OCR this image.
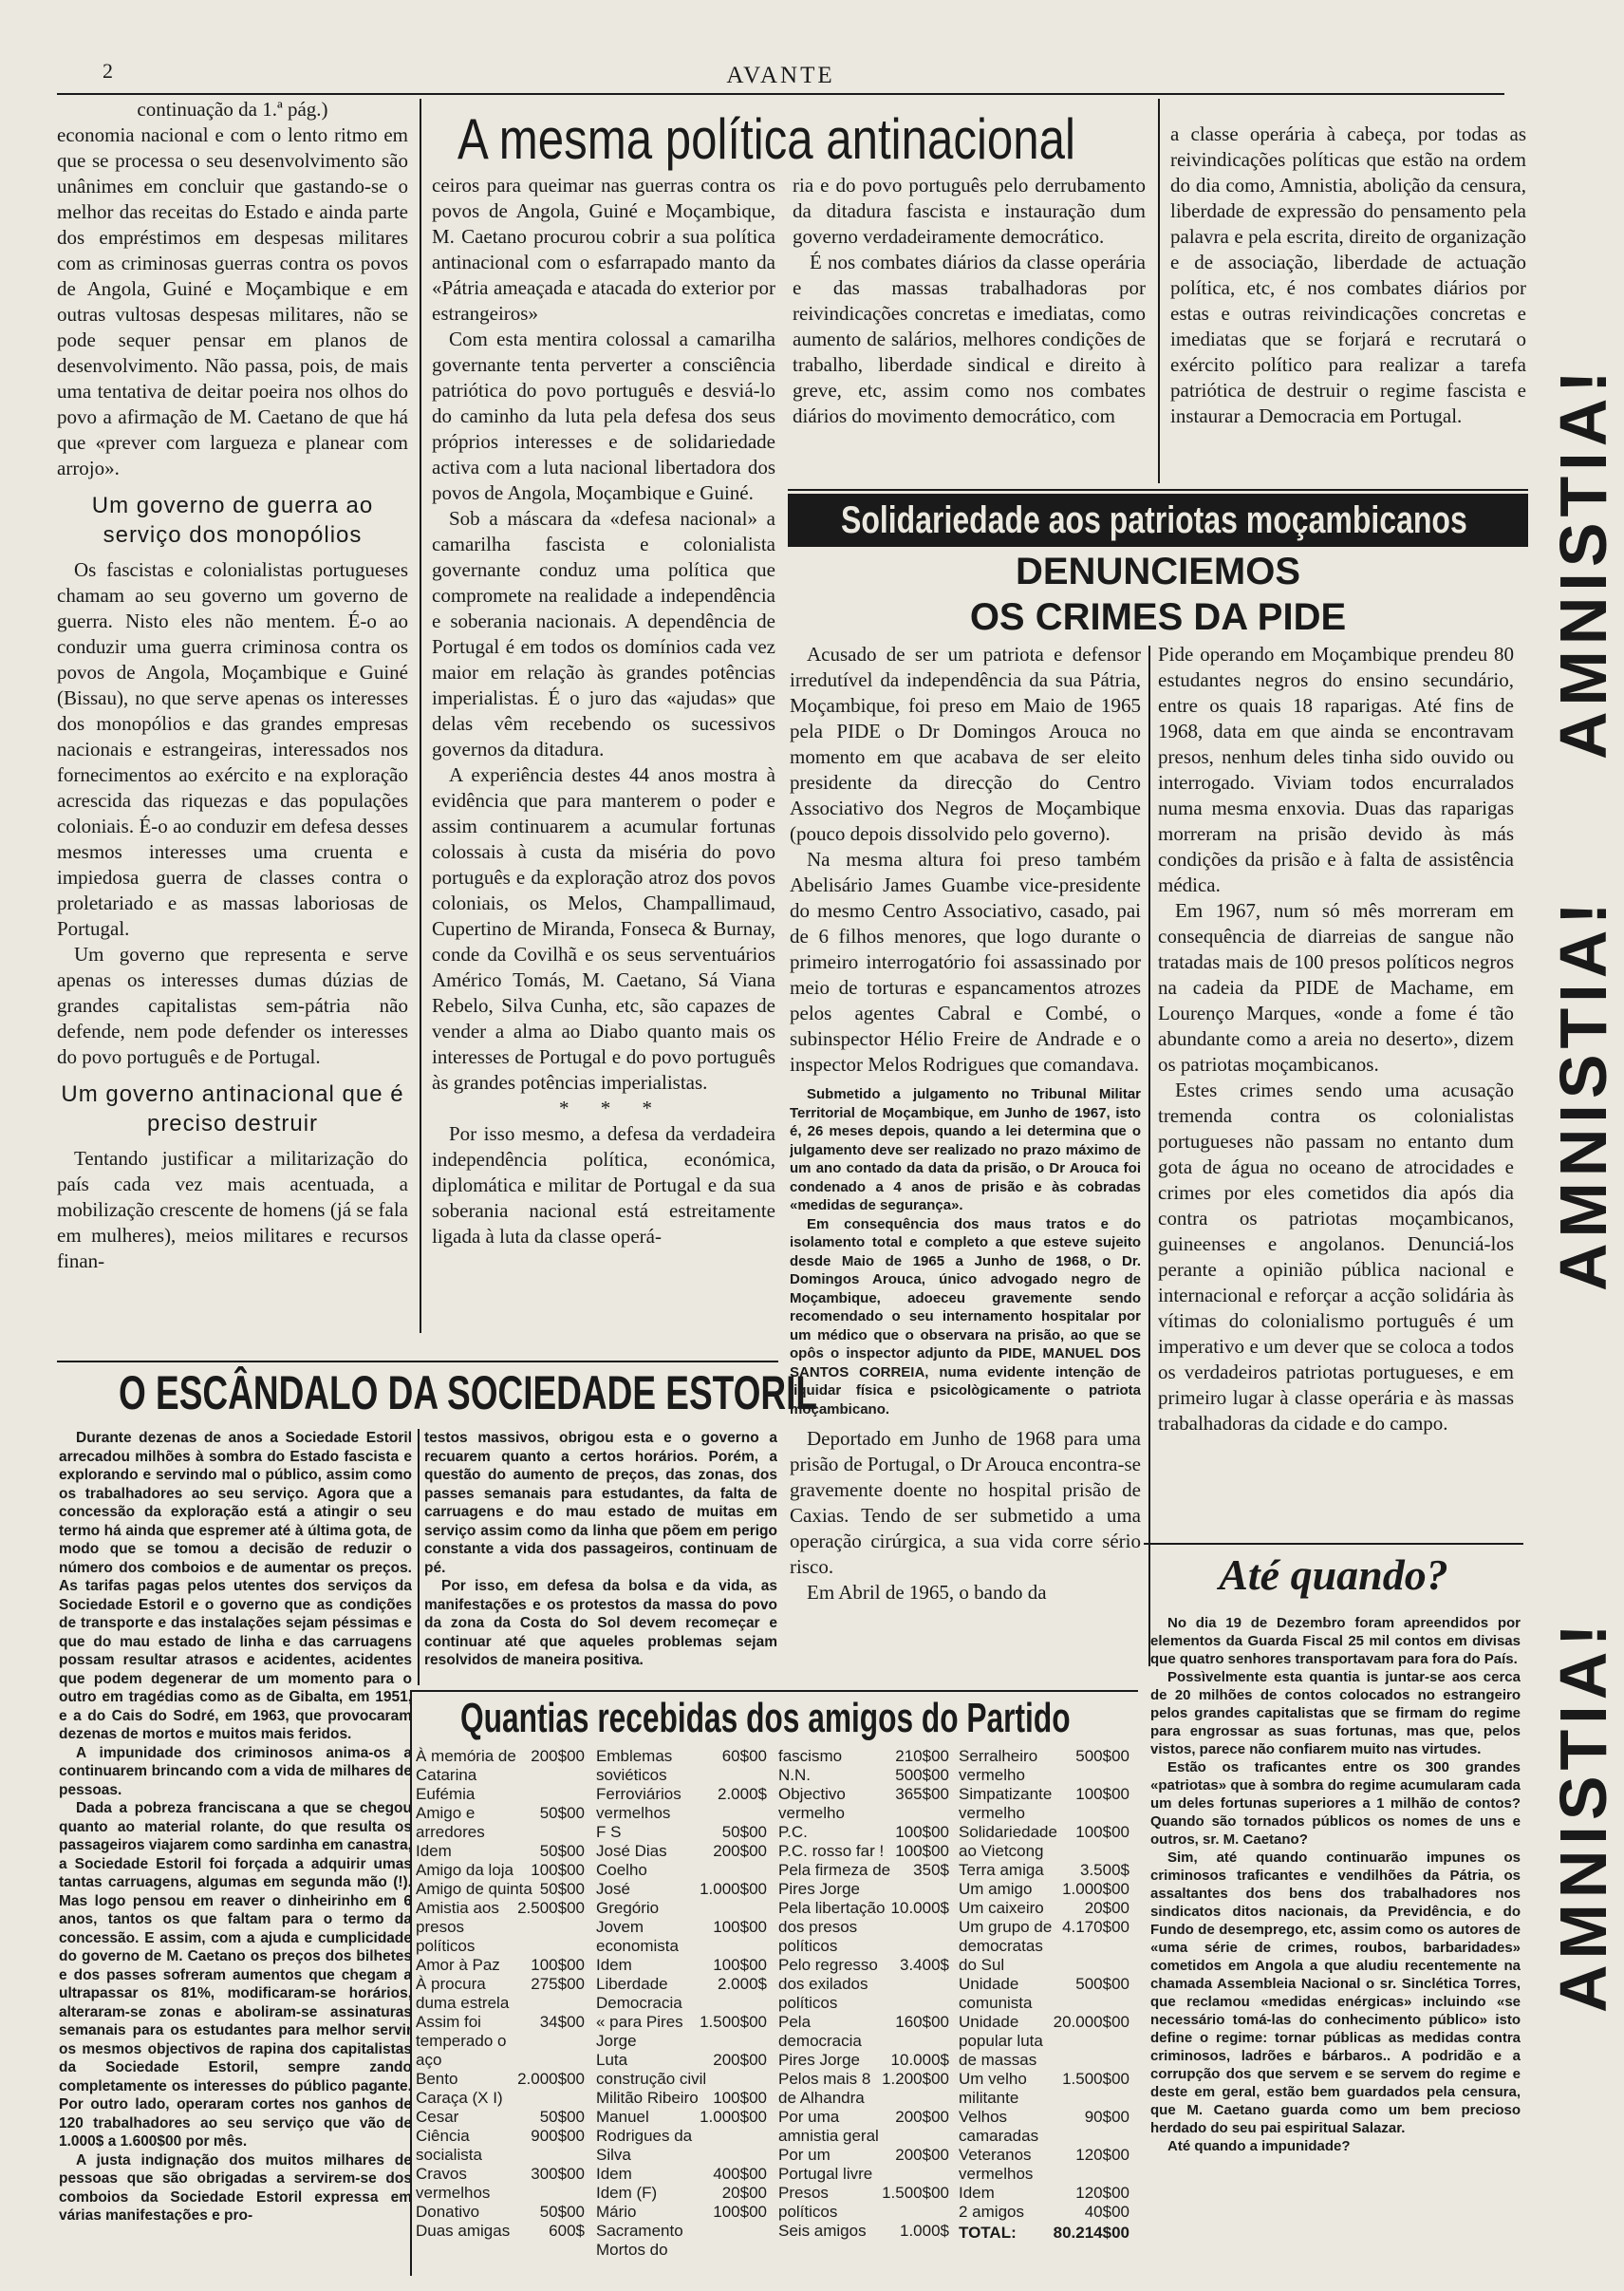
2	AVANTE
A mesma política antinacional

continuação da 1.ª pág.)

economia nacional e com o lento ritmo em que se processa o seu desenvolvimento são unânimes em concluir que gastando-se o melhor das receitas do Estado e ainda parte dos empréstimos em despesas militares com as criminosas guerras contra os povos de Angola, Guiné e Moçambique e em outras vultosas despesas militares, não se pode sequer pensar em planos de desenvolvimento. Não passa, pois, de mais uma tentativa de deitar poeira nos olhos do povo a afirmação de M. Caetano de que há que «prever com largueza e planear com arrojo».

Um governo de guerra ao serviço dos monopólios

Os fascistas e colonialistas portugueses chamam ao seu governo um governo de guerra. Nisto eles não mentem. É-o ao conduzir uma guerra criminosa contra os povos de Angola, Moçambique e Guiné (Bissau), no que serve apenas os interesses dos monopólios e das grandes empresas nacionais e estrangeiras, interessados nos fornecimentos ao exército e na exploração acrescida das riquezas e das populações coloniais. É-o ao conduzir em defesa desses mesmos interesses uma cruenta e impiedosa guerra de classes contra o proletariado e as massas laboriosas de Portugal.

Um governo que representa e serve apenas os interesses dumas dúzias de grandes capitalistas sem-pátria não defende, nem pode defender os interesses do povo português e de Portugal.

Um governo antinacional que é preciso destruir

Tentando justificar a militarização do país cada vez mais acentuada, a mobilização crescente de homens (já se fala em mulheres), meios militares e recursos finan-

ceiros para queimar nas guerras contra os povos de Angola, Guiné e Moçambique, M. Caetano procurou cobrir a sua política antinacional com o esfarrapado manto da «Pátria ameaçada e atacada do exterior por estrangeiros»

Com esta mentira colossal a camarilha governante tenta perverter a consciência patriótica do povo português e desviá-lo do caminho da luta pela defesa dos seus próprios interesses e de solidariedade activa com a luta nacional libertadora dos povos de Angola, Moçambique e Guiné.

Sob a máscara da «defesa nacional» a camarilha fascista e colonialista governante conduz uma política que compromete na realidade a independência e soberania nacionais. A dependência de Portugal é em todos os domínios cada vez maior em relação às grandes potências imperialistas. É o juro das «ajudas» que delas vêm recebendo os sucessivos governos da ditadura.

A experiência destes 44 anos mostra à evidência que para manterem o poder e assim continuarem a acumular fortunas colossais à custa da miséria do povo português e da exploração atroz dos povos coloniais, os Melos, Champallimaud, Cupertino de Miranda, Fonseca & Burnay, conde da Covilhã e os seus serventuários Américo Tomás, M. Caetano, Sá Viana Rebelo, Silva Cunha, etc, são capazes de vender a alma ao Diabo quanto mais os interesses de Portugal e do povo português às grandes potências imperialistas.

* * *

Por isso mesmo, a defesa da verdadeira independência política, económica, diplomática e militar de Portugal e da sua soberania nacional está estreitamente ligada à luta da classe operá-

ria e do povo português pelo derrubamento da ditadura fascista e instauração dum governo verdadeiramente democrático.

É nos combates diários da classe operária e das massas trabalhadoras por reivindicações concretas e imediatas, como aumento de salários, melhores condições de trabalho, liberdade sindical e direito à greve, etc, assim como nos combates diários do movimento democrático, com

a classe operária à cabeça, por todas as reivindicações políticas que estão na ordem do dia como, Amnistia, abolição da censura, liberdade de expressão do pensamento pela palavra e pela escrita, direito de organização e de associação, liberdade de actuação política, etc, é nos combates diários por estas e outras reivindicações concretas e imediatas que se forjará e recrutará o exército político para realizar a tarefa patriótica de destruir o regime fascista e instaurar a Democracia em Portugal.

Solidariedade aos patriotas moçambicanos
DENUNCIEMOS
OS CRIMES DA PIDE

Acusado de ser um patriota e defensor irredutível da independência da sua Pátria, Moçambique, foi preso em Maio de 1965 pela PIDE o Dr Domingos Arouca no momento em que acabava de ser eleito presidente da direcção do Centro Associativo dos Negros de Moçambique (pouco depois dissolvido pelo governo).

Na mesma altura foi preso também Abelisário James Guambe vice-presidente do mesmo Centro Associativo, casado, pai de 6 filhos menores, que logo durante o primeiro interrogatório foi assassinado por meio de torturas e espancamentos atrozes pelos agentes Cabral e Combé, o subinspector Hélio Freire de Andrade e o inspector Melos Rodrigues que comandava.

Submetido a julgamento no Tribunal Militar Territorial de Moçambique, em Junho de 1967, isto é, 26 meses depois, quando a lei determina que o julgamento deve ser realizado no prazo máximo de um ano contado da data da prisão, o Dr Arouca foi condenado a 4 anos de prisão e às cobradas «medidas de segurança».

Em consequência dos maus tratos e do isolamento total e completo a que esteve sujeito desde Maio de 1965 a Junho de 1968, o Dr. Domingos Arouca, único advogado negro de Moçambique, adoeceu gravemente sendo recomendado o seu internamento hospitalar por um médico que o observara na prisão, ao que se opôs o inspector adjunto da PIDE, MANUEL DOS SANTOS CORREIA, numa evidente intenção de liquidar física e psicològicamente o patriota moçambicano.

Deportado em Junho de 1968 para uma prisão de Portugal, o Dr Arouca encontra-se gravemente doente no hospital prisão de Caxias. Tendo de ser submetido a uma operação cirúrgica, a sua vida corre sério risco.

Em Abril de 1965, o bando da

Pide operando em Moçambique prendeu 80 estudantes negros do ensino secundário, entre os quais 18 raparigas. Até fins de 1968, data em que ainda se encontravam presos, nenhum deles tinha sido ouvido ou interrogado. Viviam todos encurralados numa mesma enxovia. Duas das raparigas morreram na prisão devido às más condições da prisão e à falta de assistência médica.

Em 1967, num só mês morreram em consequência de diarreias de sangue não tratadas mais de 100 presos políticos negros na cadeia da PIDE de Machame, em Lourenço Marques, «onde a fome é tão abundante como a areia no deserto», dizem os patriotas moçambicanos.

Estes crimes sendo uma acusação tremenda contra os colonialistas portugueses não passam no entanto dum gota de água no oceano de atrocidades e crimes por eles cometidos dia após dia contra os patriotas moçambicanos, guineenses e angolanos. Denunciá-los perante a opinião pública nacional e internacional e reforçar a acção solidária às vítimas do colonialismo português é um imperativo e um dever que se coloca a todos os verdadeiros patriotas portugueses, e em primeiro lugar à classe operária e às massas trabalhadoras da cidade e do campo.

O ESCÂNDALO DA SOCIEDADE ESTORIL

Durante dezenas de anos a Sociedade Estoril arrecadou milhões à sombra do Estado fascista e explorando e servindo mal o público, assim como os trabalhadores ao seu serviço. Agora que a concessão da exploração está a atingir o seu termo há ainda que espremer até à última gota, de modo que se tomou a decisão de reduzir o número dos comboios e de aumentar os preços. As tarifas pagas pelos utentes dos serviços da Sociedade Estoril e o governo que as condições de transporte e das instalações sejam péssimas e que do mau estado de linha e das carruagens possam resultar atrasos e acidentes, acidentes que podem degenerar de um momento para o outro em tragédias como as de Gibalta, em 1951, e a do Cais do Sodré, em 1963, que provocaram dezenas de mortos e muitos mais feridos.

A impunidade dos criminosos anima-os a continuarem brincando com a vida de milhares de pessoas.

Dada a pobreza franciscana a que se chegou quanto ao material rolante, do que resulta os passageiros viajarem como sardinha em canastra, a Sociedade Estoril foi forçada a adquirir umas tantas carruagens, algumas em segunda mão (!). Mas logo pensou em reaver o dinheirinho em 6 anos, tantos os que faltam para o termo da concessão. E assim, com a ajuda e cumplicidade do governo de M. Caetano os preços dos bilhetes e dos passes sofreram aumentos que chegam a ultrapassar os 81%, modificaram-se horários, alteraram-se zonas e aboliram-se assinaturas semanais para os estudantes para melhor servir os mesmos objectivos de rapina dos capitalistas da Sociedade Estoril, sempre zando completamente os interesses do público pagante. Por outro lado, operaram cortes nos ganhos de 120 trabalhadores ao seu serviço que vão de 1.000$ a 1.600$00 por mês.

A justa indignação dos muitos milhares de pessoas que são obrigadas a servirem-se dos comboios da Sociedade Estoril expressa em várias manifestações e pro-

testos massivos, obrigou esta e o governo a recuarem quanto a certos horários. Porém, a questão do aumento de preços, das zonas, dos passes semanais para estudantes, da falta de carruagens e do mau estado de muitas em serviço assim como da linha que põem em perigo constante a vida dos passageiros, continuam de pé.

Por isso, em defesa da bolsa e da vida, as manifestações e os protestos da massa do povo da zona da Costa do Sol devem recomeçar e continuar até que aqueles problemas sejam resolvidos de maneira positiva.

Quantias recebidas dos amigos do Partido
À memória de Catarina Eufémia
200$00
Amigo e arredores
50$00
Idem	50$00
Amigo da loja 100$00
Amigo de quinta 50$00
Amistia aos presos políticos
2.500$00
Amor à Paz 100$00
À procura duma estrela
275$00
Assim foi temperado o aço
34$00
Bento Caraça (X I)
2.000$00
Cesar	50$00
Ciência socialista
900$00
Cravos vermelhos
300$00
Donativo	50$00
Duas amigas 600$
Emblemas soviéticos
60$00
Ferroviários vermelhos
2.000$
F S	50$00
José Dias Coelho
200$00
José Gregório
1.000$00
Jovem economista
100$00
Idem	100$00
Liberdade Democracia
2.000$
« para Pires Jorge
1.500$00
Luta construção civil
200$00
Militão Ribeiro 100$00
Manuel Rodrigues da Silva
1.000$00
Idem	400$00
Idem (F)	20$00
Mário Sacramento
100$00
Mortos do
fascismo	210$00
N.N.	500$00
Objectivo vermelho
365$00
P.C.	100$00
P.C. rosso far ! 100$00
Pela firmeza de Pires Jorge
350$
Pela libertação dos presos políticos
10.000$
Pelo regresso dos exilados políticos
3.400$
Pela democracia
160$00
Pires Jorge 10.000$
Pelos mais 8 de Alhandra
1.200$00
Por uma amnistia geral
200$00
Por um Portugal livre
200$00
Presos políticos
1.500$00
Seis amigos 1.000$
Serralheiro vermelho
500$00
Simpatizante vermelho
100$00
Solidariedade ao Vietcong
100$00
Terra amiga 3.500$
Um amigo 1.000$00
Um caixeiro	20$00
Um grupo de democratas do Sul
4.170$00
Unidade comunista
500$00
Unidade popular luta de massas
20.000$00
Um velho militante
1.500$00
Velhos camaradas
90$00
Veteranos vermelhos
120$00
Idem	120$00
2 amigos	40$00
TOTAL: 80.214$00
Até quando?

No dia 19 de Dezembro foram apreendidos por elementos da Guarda Fiscal 25 mil contos em divisas que quatro senhores transportavam para fora do País.

Possìvelmente esta quantia is juntar-se aos cerca de 20 milhões de contos colocados no estrangeiro pelos grandes capitalistas que se firmam do regime para engrossar as suas fortunas, mas que, pelos vistos, parece não confiarem muito nas virtudes.

Estão os traficantes entre os 300 grandes «patriotas» que à sombra do regime acumularam cada um deles fortunas superiores a 1 milhão de contos? Quando são tornados públicos os nomes de uns e outros, sr. M. Caetano?

Sim, até quando continuarão impunes os criminosos traficantes e vendilhões da Pátria, os assaltantes dos bens dos trabalhadores nos sindicatos ditos nacionais, da Previdência, e do Fundo de desemprego, etc, assim como os autores de «uma série de crimes, roubos, barbaridades» cometidos em Angola a que aludiu recentemente na chamada Assembleia Nacional o sr. Sinclética Torres, que reclamou «medidas enérgicas» incluindo «se necessário tomá-las do conhecimento público» isto define o regime: tornar públicas as medidas contra criminosos, ladrões e bárbaros.. A podridão e a corrupção dos que servem e se servem do regime e deste em geral, estão bem guardados pela censura, que M. Caetano guarda como um bem precioso herdado do seu pai espiritual Salazar.

Até quando a impunidade?

AMNISTIA!
AMNISTIA!
AMNISTIA!
